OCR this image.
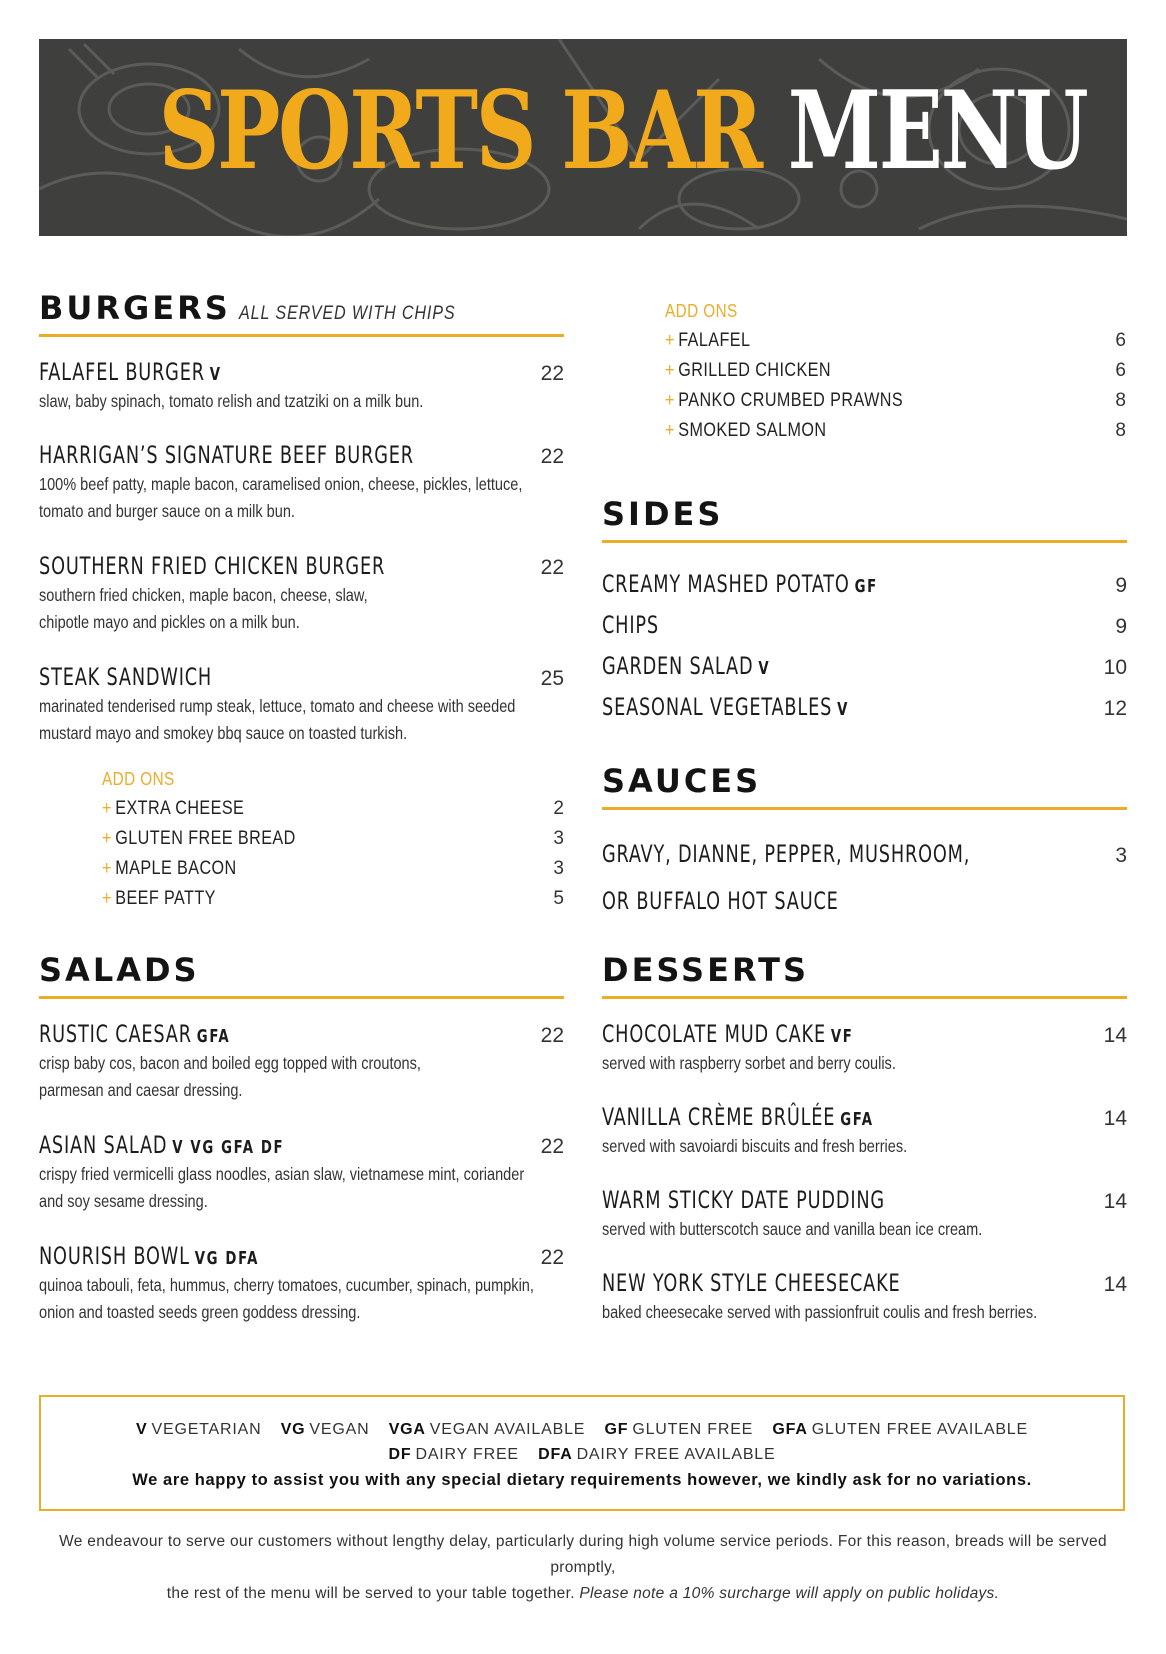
SPORTS BAR MENU
BURGERS ALL SERVED WITH CHIPS
FALAFEL BURGER V	22
slaw, baby spinach, tomato relish and tzatziki on a milk bun.
HARRIGAN’S SIGNATURE BEEF BURGER	22
100% beef patty, maple bacon, caramelised onion, cheese, pickles, lettuce, tomato and burger sauce on a milk bun.
SOUTHERN FRIED CHICKEN BURGER	22
southern fried chicken, maple bacon, cheese, slaw, chipotle mayo and pickles on a milk bun.
STEAK SANDWICH	25
marinated tenderised rump steak, lettuce, tomato and cheese with seeded mustard mayo and smokey bbq sauce on toasted turkish.
ADD ONS
+ EXTRA CHEESE	2
+ GLUTEN FREE BREAD	3
+ MAPLE BACON	3
+ BEEF PATTY	5
SALADS
RUSTIC CAESAR GFA	22
crisp baby cos, bacon and boiled egg topped with croutons, parmesan and caesar dressing.
ASIAN SALAD V VG GFA DF	22
crispy fried vermicelli glass noodles, asian slaw, vietnamese mint, coriander and soy sesame dressing.
NOURISH BOWL VG DFA	22
quinoa tabouli, feta, hummus, cherry tomatoes, cucumber, spinach, pumpkin, onion and toasted seeds green goddess dressing.
ADD ONS
+ FALAFEL	6
+ GRILLED CHICKEN	6
+ PANKO CRUMBED PRAWNS	8
+ SMOKED SALMON	8
SIDES
CREAMY MASHED POTATO GF	9
CHIPS	9
GARDEN SALAD V	10
SEASONAL VEGETABLES V	12
SAUCES
GRAVY, DIANNE, PEPPER, MUSHROOM,	3
OR BUFFALO HOT SAUCE
DESSERTS
CHOCOLATE MUD CAKE VF	14
served with raspberry sorbet and berry coulis.
VANILLA CRÈME BRÛLÉE GFA	14
served with savoiardi biscuits and fresh berries.
WARM STICKY DATE PUDDING	14
served with butterscotch sauce and vanilla bean ice cream.
NEW YORK STYLE CHEESECAKE	14
baked cheesecake served with passionfruit coulis and fresh berries.
V VEGETARIAN VG VEGAN VGA VEGAN AVAILABLE GF GLUTEN FREE GFA GLUTEN FREE AVAILABLE
DF DAIRY FREE DFA DAIRY FREE AVAILABLE
We are happy to assist you with any special dietary requirements however, we kindly ask for no variations.
We endeavour to serve our customers without lengthy delay, particularly during high volume service periods. For this reason, breads will be served promptly,
the rest of the menu will be served to your table together. Please note a 10% surcharge will apply on public holidays.
